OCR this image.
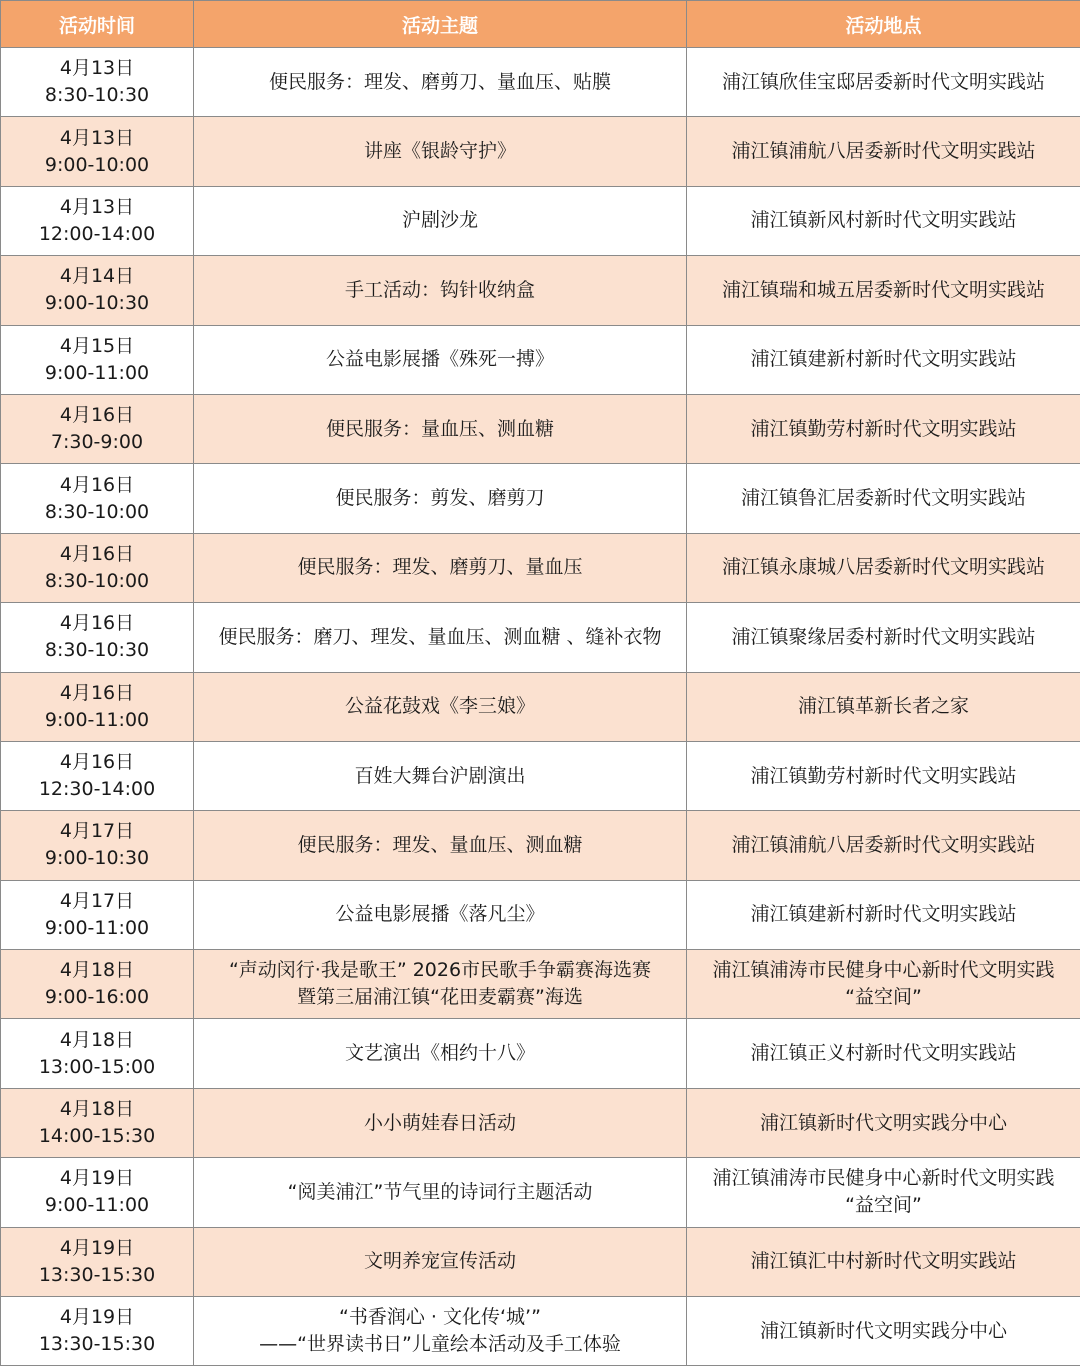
活动时间	活动主题	活动地点

4月13日
8:30-10:30	便民服务：理发、磨剪刀、量血压、贴膜	浦江镇欣佳宝邸居委新时代文明实践站

4月13日
9:00-10:00	讲座《银龄守护》	浦江镇浦航八居委新时代文明实践站

4月13日
12:00-14:00	沪剧沙龙	浦江镇新风村新时代文明实践站

4月14日
9:00-10:30	手工活动：钩针收纳盒	浦江镇瑞和城五居委新时代文明实践站

4月15日
9:00-11:00	公益电影展播《殊死一搏》	浦江镇建新村新时代文明实践站

4月16日
7:30-9:00	便民服务：量血压、测血糖	浦江镇勤劳村新时代文明实践站

4月16日
8:30-10:00	便民服务：剪发、磨剪刀	浦江镇鲁汇居委新时代文明实践站

4月16日
8:30-10:00	便民服务：理发、磨剪刀、量血压	浦江镇永康城八居委新时代文明实践站

4月16日
8:30-10:30	便民服务：磨刀、理发、量血压、测血糖 、缝补衣物	浦江镇聚缘居委村新时代文明实践站

4月16日
9:00-11:00	公益花鼓戏《李三娘》	浦江镇革新长者之家

4月16日
12:30-14:00	百姓大舞台沪剧演出	浦江镇勤劳村新时代文明实践站

4月17日
9:00-10:30	便民服务：理发、量血压、测血糖	浦江镇浦航八居委新时代文明实践站

4月17日
9:00-11:00	公益电影展播《落凡尘》	浦江镇建新村新时代文明实践站

4月18日
9:00-16:00	“声动闵行·我是歌王” 2026市民歌手争霸赛海选赛
暨第三届浦江镇“花田麦霸赛”海选	浦江镇浦涛市民健身中心新时代文明实践
“益空间”

4月18日
13:00-15:00	文艺演出《相约十八》	浦江镇正义村新时代文明实践站

4月18日
14:00-15:30	小小萌娃春日活动	浦江镇新时代文明实践分中心

4月19日
9:00-11:00	“阅美浦江”节气里的诗词行主题活动	浦江镇浦涛市民健身中心新时代文明实践
“益空间”

4月19日
13:30-15:30	文明养宠宣传活动	浦江镇汇中村新时代文明实践站

4月19日
13:30-15:30	“书香润心 · 文化传‘城’”
——“世界读书日”儿童绘本活动及手工体验	浦江镇新时代文明实践分中心
